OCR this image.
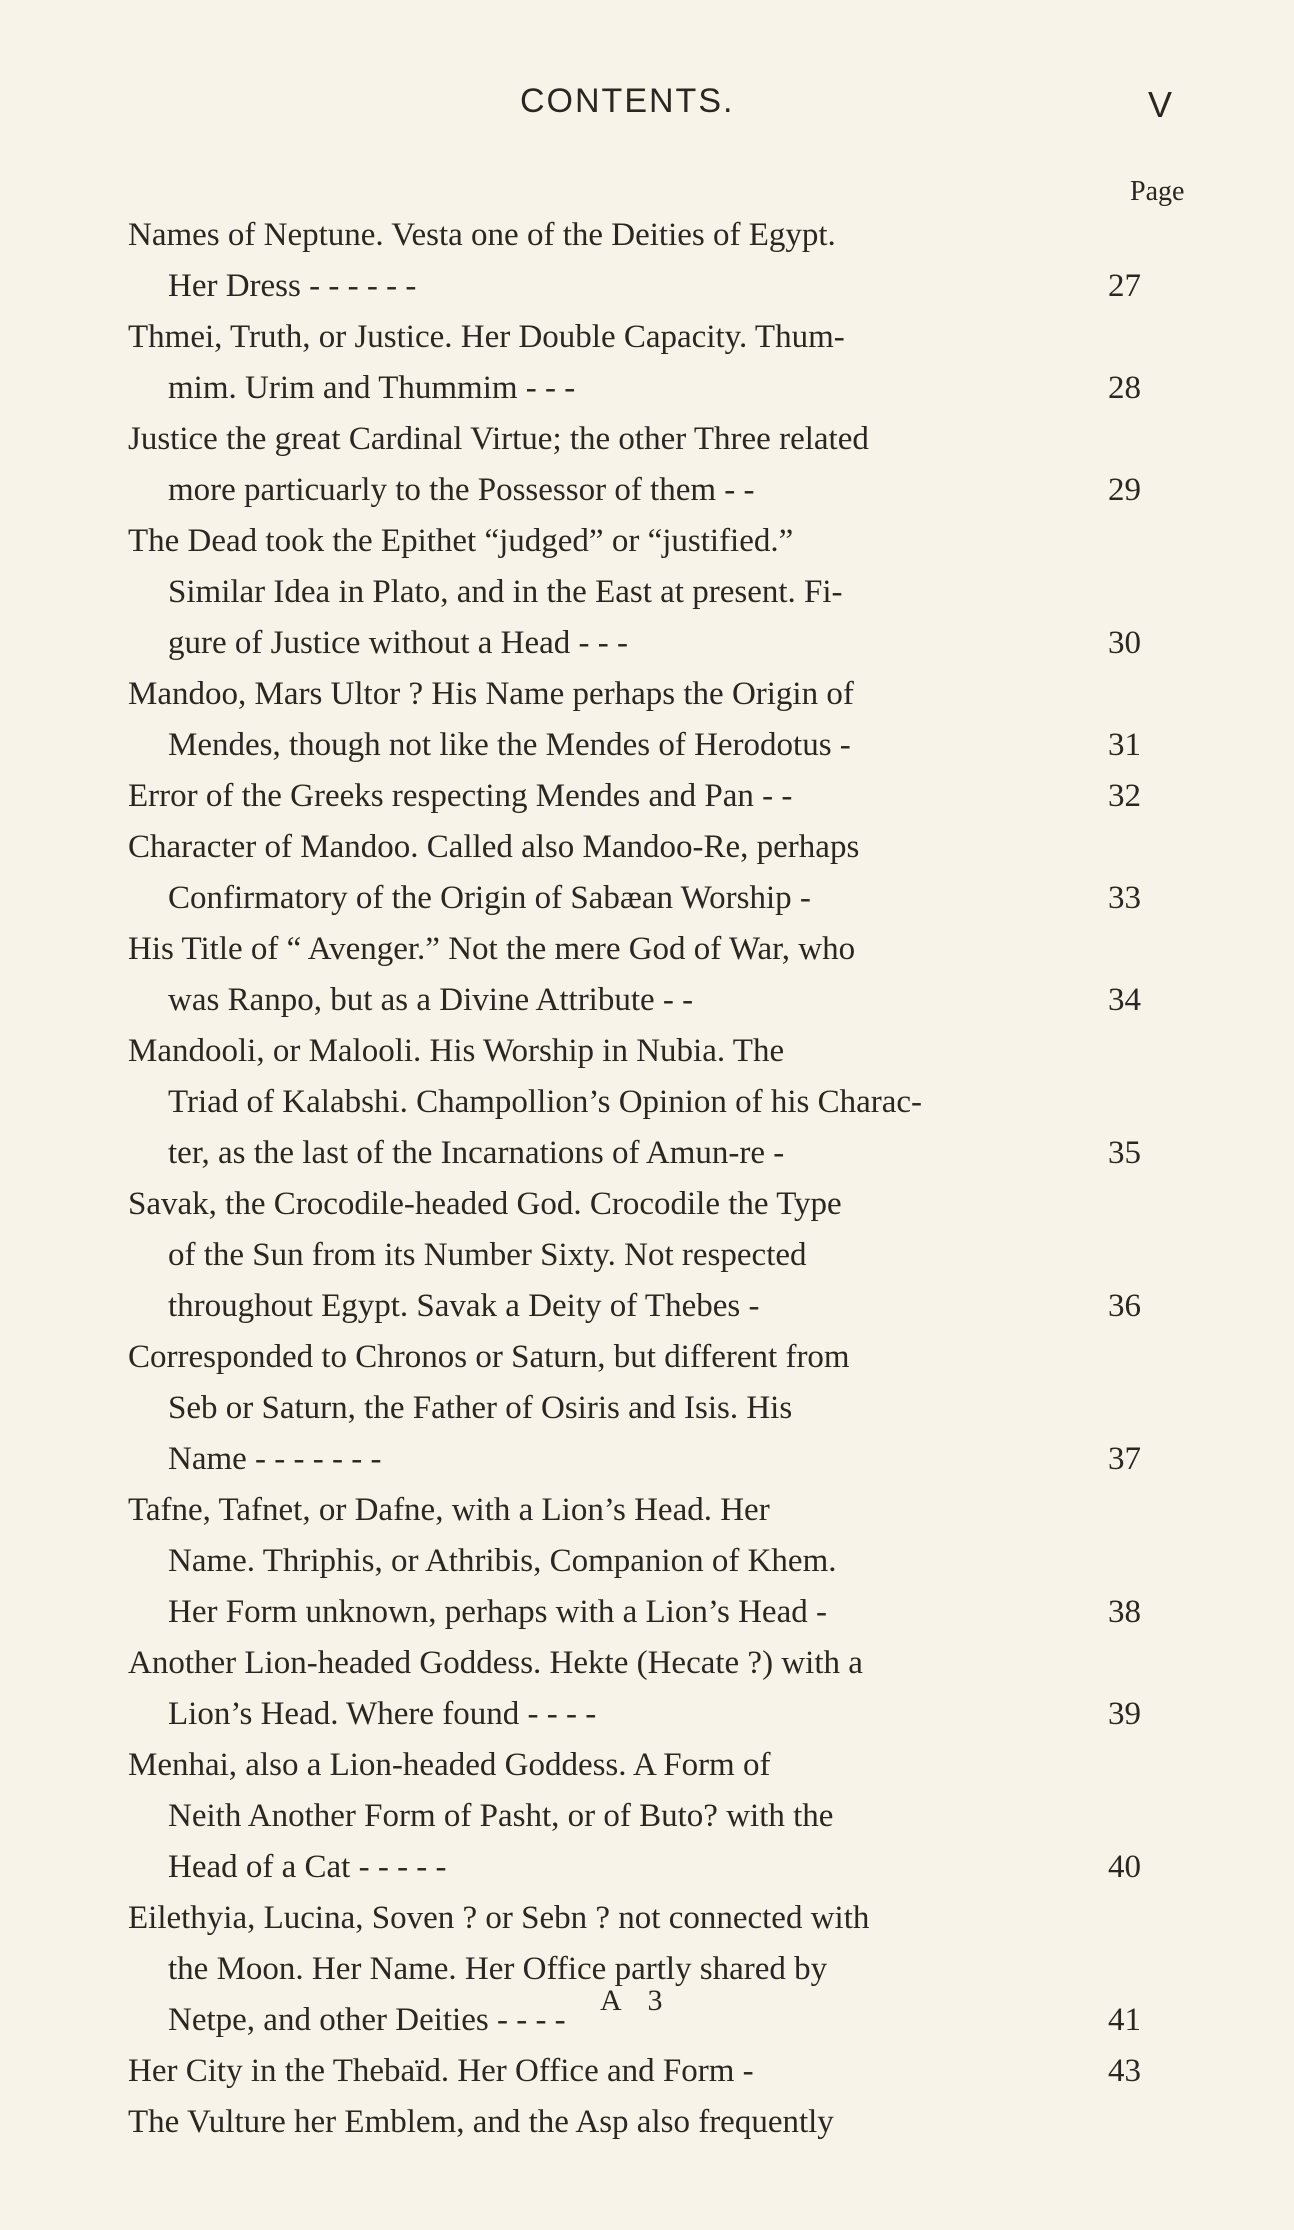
CONTENTS.	V
Page
Names of Neptune. Vesta one of the Deities of Egypt.
Her Dress - - - - - -	27
Thmei, Truth, or Justice. Her Double Capacity. Thum-
mim. Urim and Thummim - - -	28
Justice the great Cardinal Virtue; the other Three related
more particuarly to the Possessor of them - -	29
The Dead took the Epithet “judged” or “justified.”
Similar Idea in Plato, and in the East at present. Fi-
gure of Justice without a Head - - -	30
Mandoo, Mars Ultor ? His Name perhaps the Origin of
Mendes, though not like the Mendes of Herodotus -	31
Error of the Greeks respecting Mendes and Pan - -	32
Character of Mandoo. Called also Mandoo-Re, perhaps
Confirmatory of the Origin of Sabæan Worship -	33
His Title of “ Avenger.” Not the mere God of War, who
was Ranpo, but as a Divine Attribute - -	34
Mandooli, or Malooli. His Worship in Nubia. The
Triad of Kalabshi. Champollion’s Opinion of his Charac-
ter, as the last of the Incarnations of Amun-re -	35
Savak, the Crocodile-headed God. Crocodile the Type
of the Sun from its Number Sixty. Not respected
throughout Egypt. Savak a Deity of Thebes -	36
Corresponded to Chronos or Saturn, but different from
Seb or Saturn, the Father of Osiris and Isis. His
Name - - - - - - -	37
Tafne, Tafnet, or Dafne, with a Lion’s Head. Her
Name. Thriphis, or Athribis, Companion of Khem.
Her Form unknown, perhaps with a Lion’s Head -	38
Another Lion-headed Goddess. Hekte (Hecate ?) with a
Lion’s Head. Where found - - - -	39
Menhai, also a Lion-headed Goddess. A Form of
Neith Another Form of Pasht, or of Buto? with the
Head of a Cat - - - - -	40
Eilethyia, Lucina, Soven ? or Sebn ? not connected with
the Moon. Her Name. Her Office partly shared by
Netpe, and other Deities - - - -	41
Her City in the Thebaïd. Her Office and Form -	43
The Vulture her Emblem, and the Asp also frequently
A 3
